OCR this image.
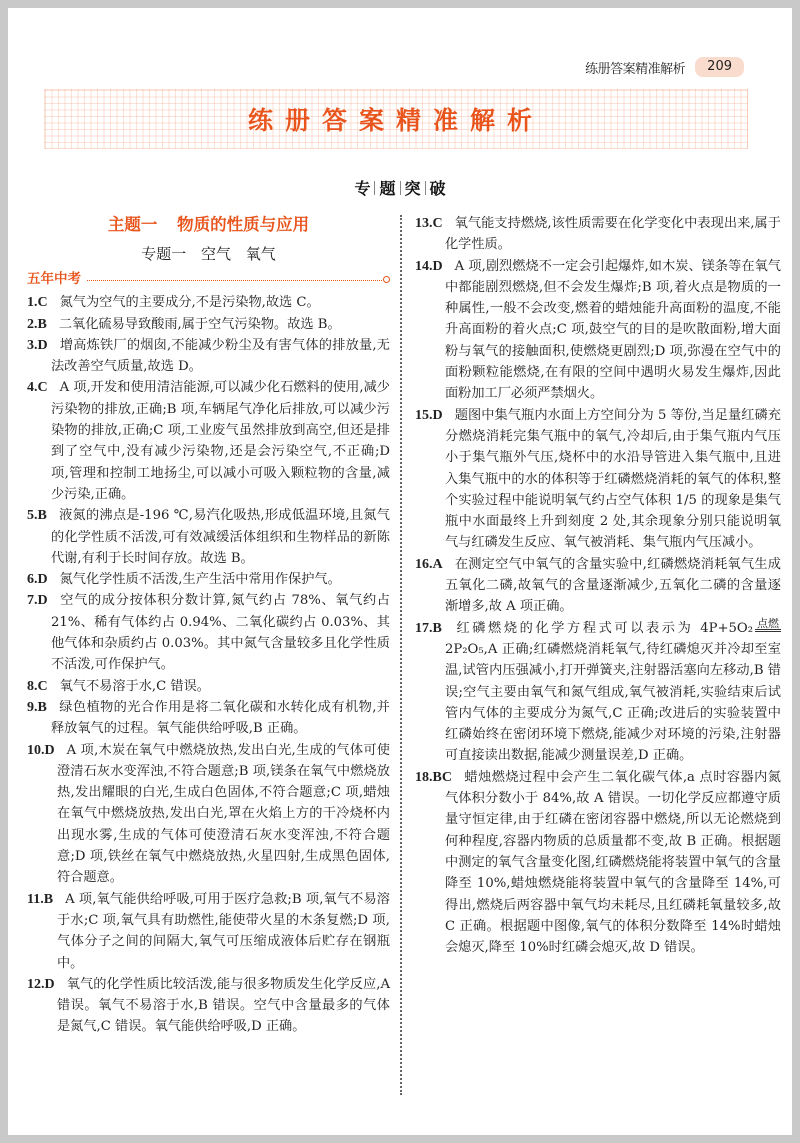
练册答案精准解析	209
练册答案精准解析
专 题 突 破
主题一 物质的性质与应用
专题一 空气 氧气
五年中考
1.C 氮气为空气的主要成分,不是污染物,故选 C。
2.B 二氧化硫易导致酸雨,属于空气污染物。故选 B。
3.D 增高炼铁厂的烟囱,不能减少粉尘及有害气体的排放量,无法改善空气质量,故选 D。
4.C A 项,开发和使用清洁能源,可以减少化石燃料的使用,减少污染物的排放,正确;B 项,车辆尾气净化后排放,可以减少污染物的排放,正确;C 项,工业废气虽然排放到高空,但还是排到了空气中,没有减少污染物,还是会污染空气,不正确;D 项,管理和控制工地扬尘,可以减小可吸入颗粒物的含量,减少污染,正确。
5.B 液氮的沸点是-196 ℃,易汽化吸热,形成低温环境,且氮气的化学性质不活泼,可有效减缓活体组织和生物样品的新陈代谢,有利于长时间存放。故选 B。
6.D 氮气化学性质不活泼,生产生活中常用作保护气。
7.D 空气的成分按体积分数计算,氮气约占 78%、氧气约占 21%、稀有气体约占 0.94%、二氧化碳约占 0.03%、其他气体和杂质约占 0.03%。其中氮气含量较多且化学性质不活泼,可作保护气。
8.C 氧气不易溶于水,C 错误。
9.B 绿色植物的光合作用是将二氧化碳和水转化成有机物,并释放氧气的过程。氧气能供给呼吸,B 正确。
10.D A 项,木炭在氧气中燃烧放热,发出白光,生成的气体可使澄清石灰水变浑浊,不符合题意;B 项,镁条在氧气中燃烧放热,发出耀眼的白光,生成白色固体,不符合题意;C 项,蜡烛在氧气中燃烧放热,发出白光,罩在火焰上方的干冷烧杯内出现水雾,生成的气体可使澄清石灰水变浑浊,不符合题意;D 项,铁丝在氧气中燃烧放热,火星四射,生成黑色固体,符合题意。
11.B A 项,氧气能供给呼吸,可用于医疗急救;B 项,氧气不易溶于水;C 项,氧气具有助燃性,能使带火星的木条复燃;D 项,气体分子之间的间隔大,氧气可压缩成液体后贮存在钢瓶中。
12.D 氧气的化学性质比较活泼,能与很多物质发生化学反应,A 错误。氧气不易溶于水,B 错误。空气中含量最多的气体是氮气,C 错误。氧气能供给呼吸,D 正确。
13.C 氧气能支持燃烧,该性质需要在化学变化中表现出来,属于化学性质。
14.D A 项,剧烈燃烧不一定会引起爆炸,如木炭、镁条等在氧气中都能剧烈燃烧,但不会发生爆炸;B 项,着火点是物质的一种属性,一般不会改变,燃着的蜡烛能升高面粉的温度,不能升高面粉的着火点;C 项,鼓空气的目的是吹散面粉,增大面粉与氧气的接触面积,使燃烧更剧烈;D 项,弥漫在空气中的面粉颗粒能燃烧,在有限的空间中遇明火易发生爆炸,因此面粉加工厂必须严禁烟火。
15.D 题图中集气瓶内水面上方空间分为 5 等份,当足量红磷充分燃烧消耗完集气瓶中的氧气,冷却后,由于集气瓶内气压小于集气瓶外气压,烧杯中的水沿导管进入集气瓶中,且进入集气瓶中的水的体积等于红磷燃烧消耗的氧气的体积,整个实验过程中能说明氧气约占空气体积 1/5 的现象是集气瓶中水面最终上升到刻度 2 处,其余现象分别只能说明氧气与红磷发生反应、氧气被消耗、集气瓶内气压减小。
16.A 在测定空气中氧气的含量实验中,红磷燃烧消耗氧气生成五氧化二磷,故氧气的含量逐渐减少,五氧化二磷的含量逐渐增多,故 A 项正确。
17.B 红磷燃烧的化学方程式可以表示为 4P+5O₂ 点燃2P₂O₅,A 正确;红磷燃烧消耗氧气,待红磷熄灭并冷却至室温,试管内压强减小,打开弹簧夹,注射器活塞向左移动,B 错误;空气主要由氧气和氮气组成,氧气被消耗,实验结束后试管内气体的主要成分为氮气,C 正确;改进后的实验装置中红磷始终在密闭环境下燃烧,能减少对环境的污染,注射器可直接读出数据,能减少测量误差,D 正确。
18.BC 蜡烛燃烧过程中会产生二氧化碳气体,a 点时容器内氮气体积分数小于 84%,故 A 错误。一切化学反应都遵守质量守恒定律,由于红磷在密闭容器中燃烧,所以无论燃烧到何种程度,容器内物质的总质量都不变,故 B 正确。根据题中测定的氧气含量变化图,红磷燃烧能将装置中氧气的含量降至 10%,蜡烛燃烧能将装置中氧气的含量降至 14%,可得出,燃烧后两容器中氧气均未耗尽,且红磷耗氧量较多,故 C 正确。根据题中图像,氧气的体积分数降至 14%时蜡烛会熄灭,降至 10%时红磷会熄灭,故 D 错误。
